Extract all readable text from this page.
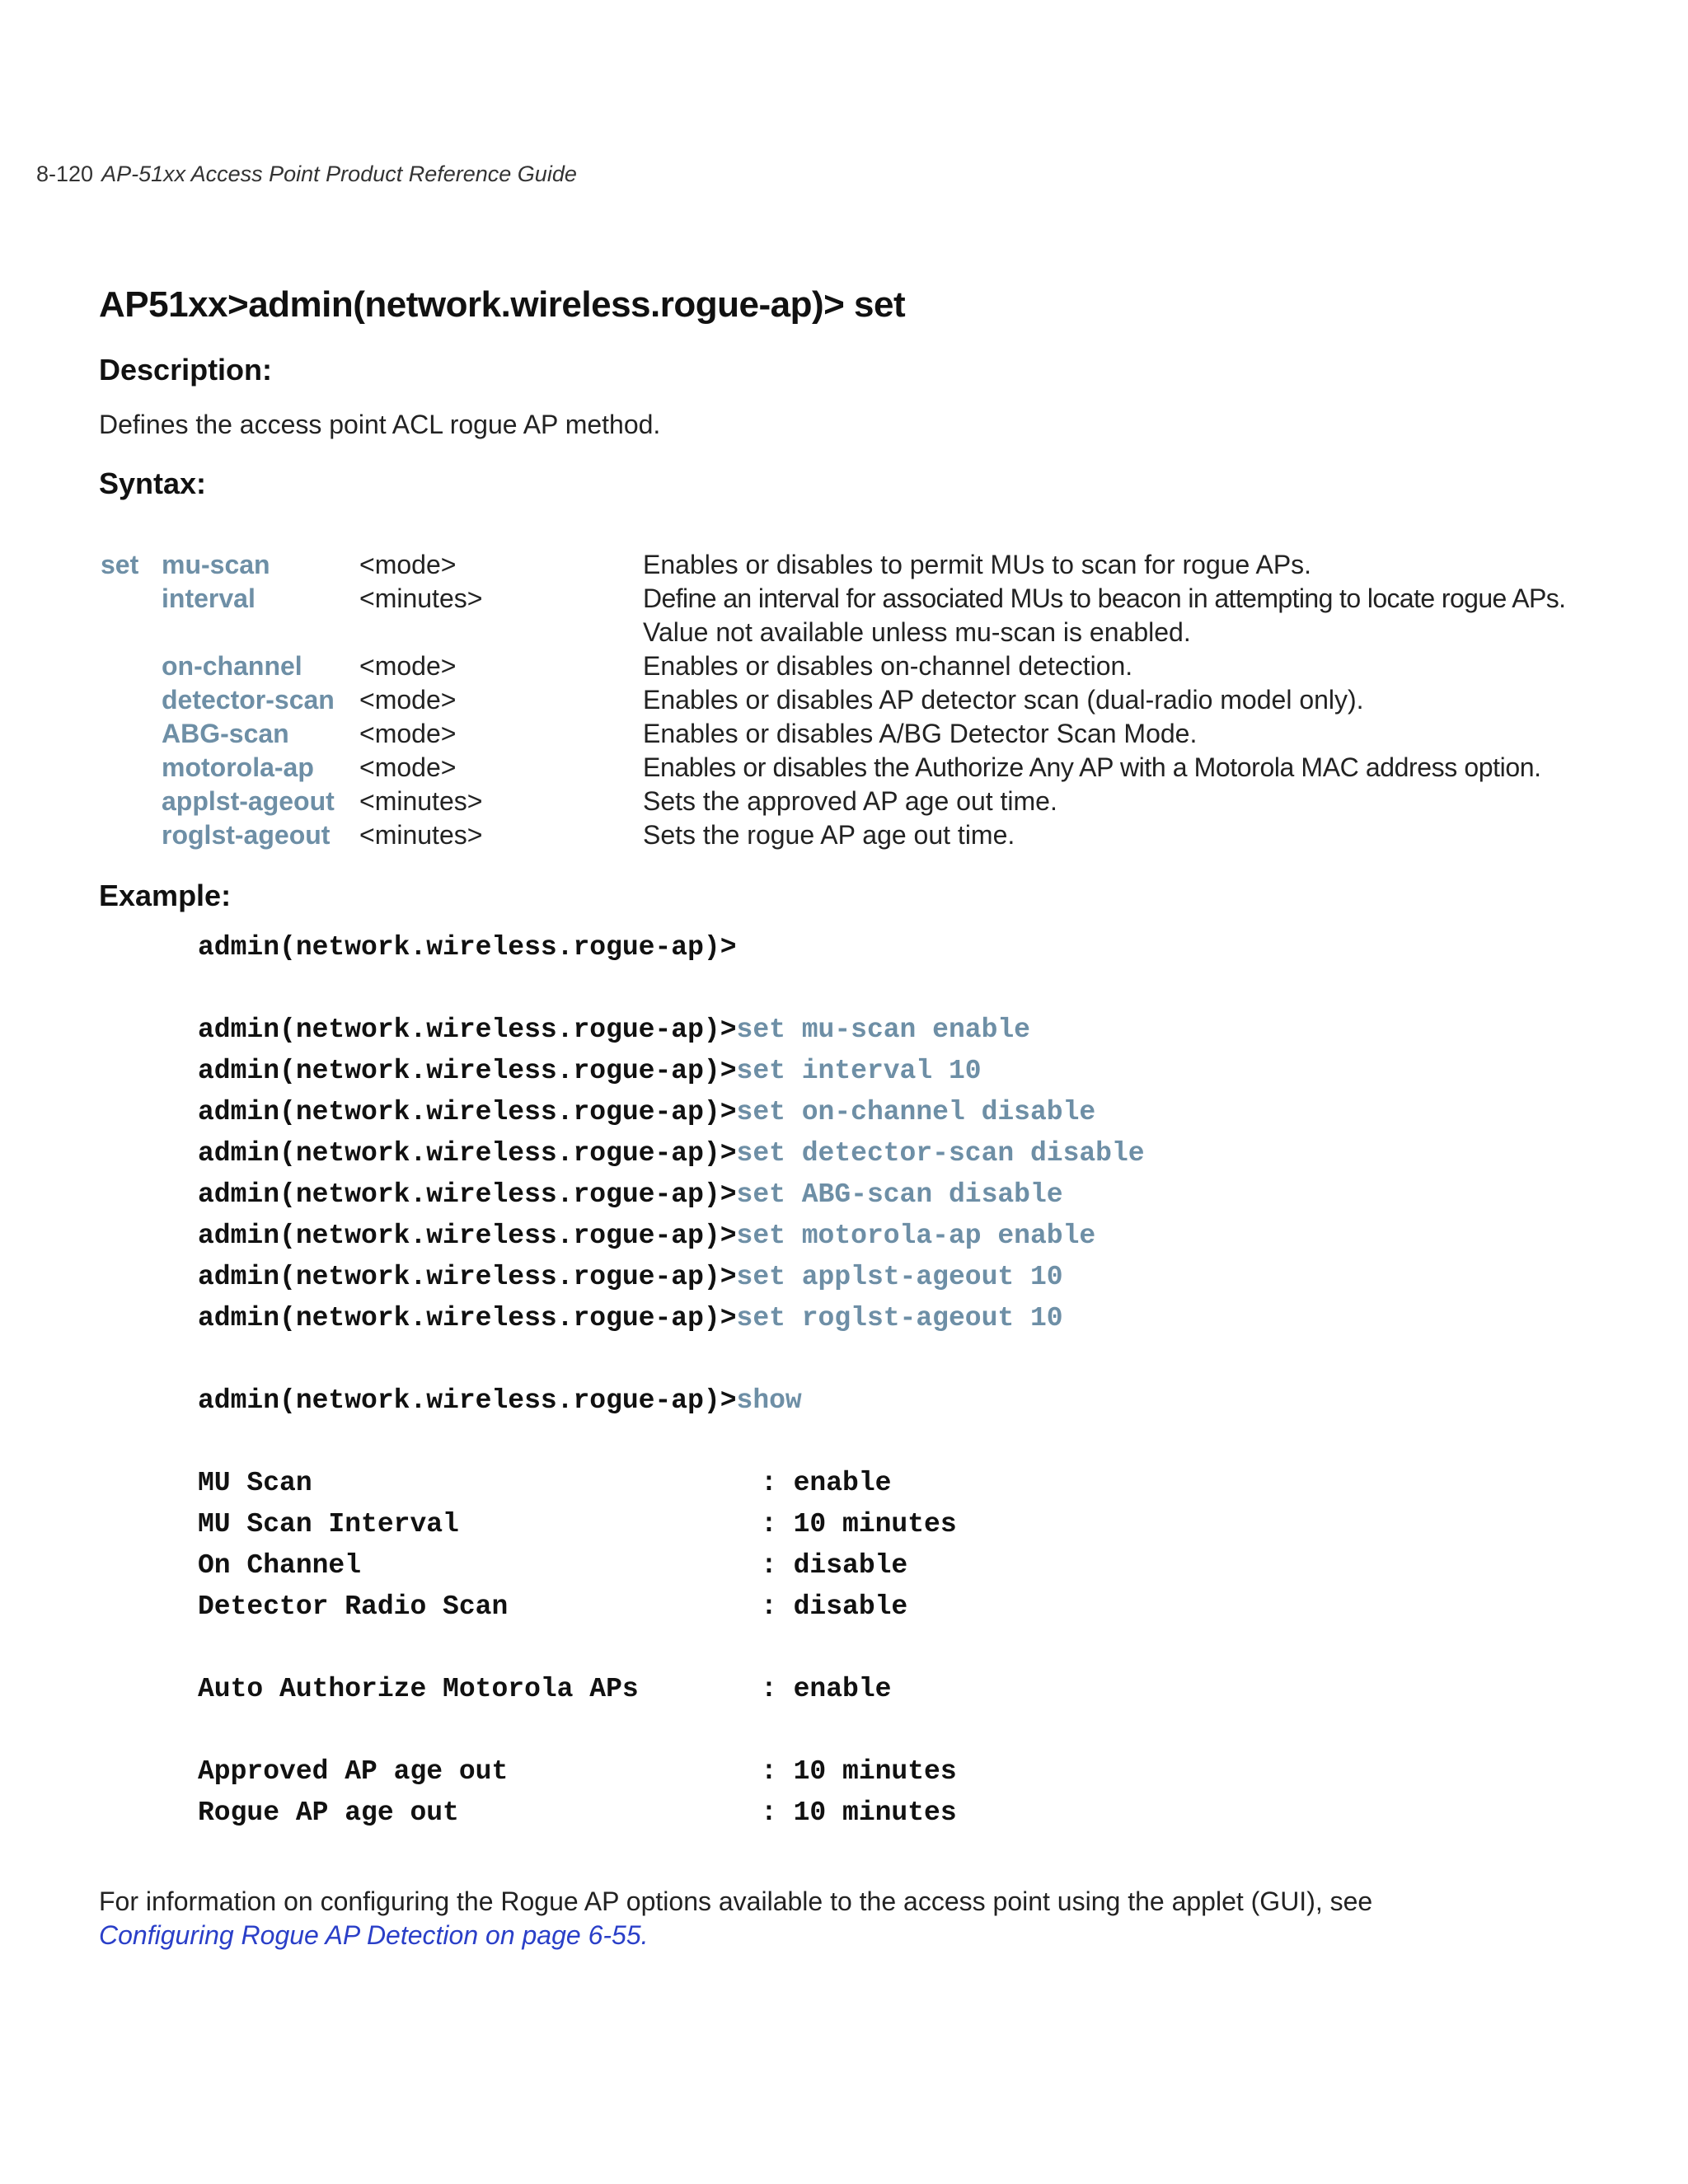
8-120 AP-51xx Access Point Product Reference Guide
AP51xx>admin(network.wireless.rogue-ap)> set
Description:
Defines the access point ACL rogue AP method.
Syntax:
set mu-scan	<mode>	Enables or disables to permit MUs to scan for rogue APs.
interval	<minutes>	Define an interval for associated MUs to beacon in attempting to locate rogue APs.
Value not available unless mu-scan is enabled.
on-channel <mode>	Enables or disables on-channel detection.
detector-scan <mode>	Enables or disables AP detector scan (dual-radio model only).
ABG-scan	<mode>	Enables or disables A/BG Detector Scan Mode.
motorola-ap <mode>	Enables or disables the Authorize Any AP with a Motorola MAC address option.
applst-ageout <minutes>	Sets the approved AP age out time.
roglst-ageout <minutes>	Sets the rogue AP age out time.
Example:
admin(network.wireless.rogue-ap)>
admin(network.wireless.rogue-ap)>set mu-scan enable
admin(network.wireless.rogue-ap)>set interval 10
admin(network.wireless.rogue-ap)>set on-channel disable
admin(network.wireless.rogue-ap)>set detector-scan disable
admin(network.wireless.rogue-ap)>set ABG-scan disable
admin(network.wireless.rogue-ap)>set motorola-ap enable
admin(network.wireless.rogue-ap)>set applst-ageout 10
admin(network.wireless.rogue-ap)>set roglst-ageout 10
admin(network.wireless.rogue-ap)>show
MU Scan	: enable
MU Scan Interval	: 10 minutes
On Channel	: disable
Detector Radio Scan	: disable
Auto Authorize Motorola APs	: enable
Approved AP age out	: 10 minutes
Rogue AP age out	: 10 minutes
For information on configuring the Rogue AP options available to the access point using the applet (GUI), see
Configuring Rogue AP Detection on page 6-55.
